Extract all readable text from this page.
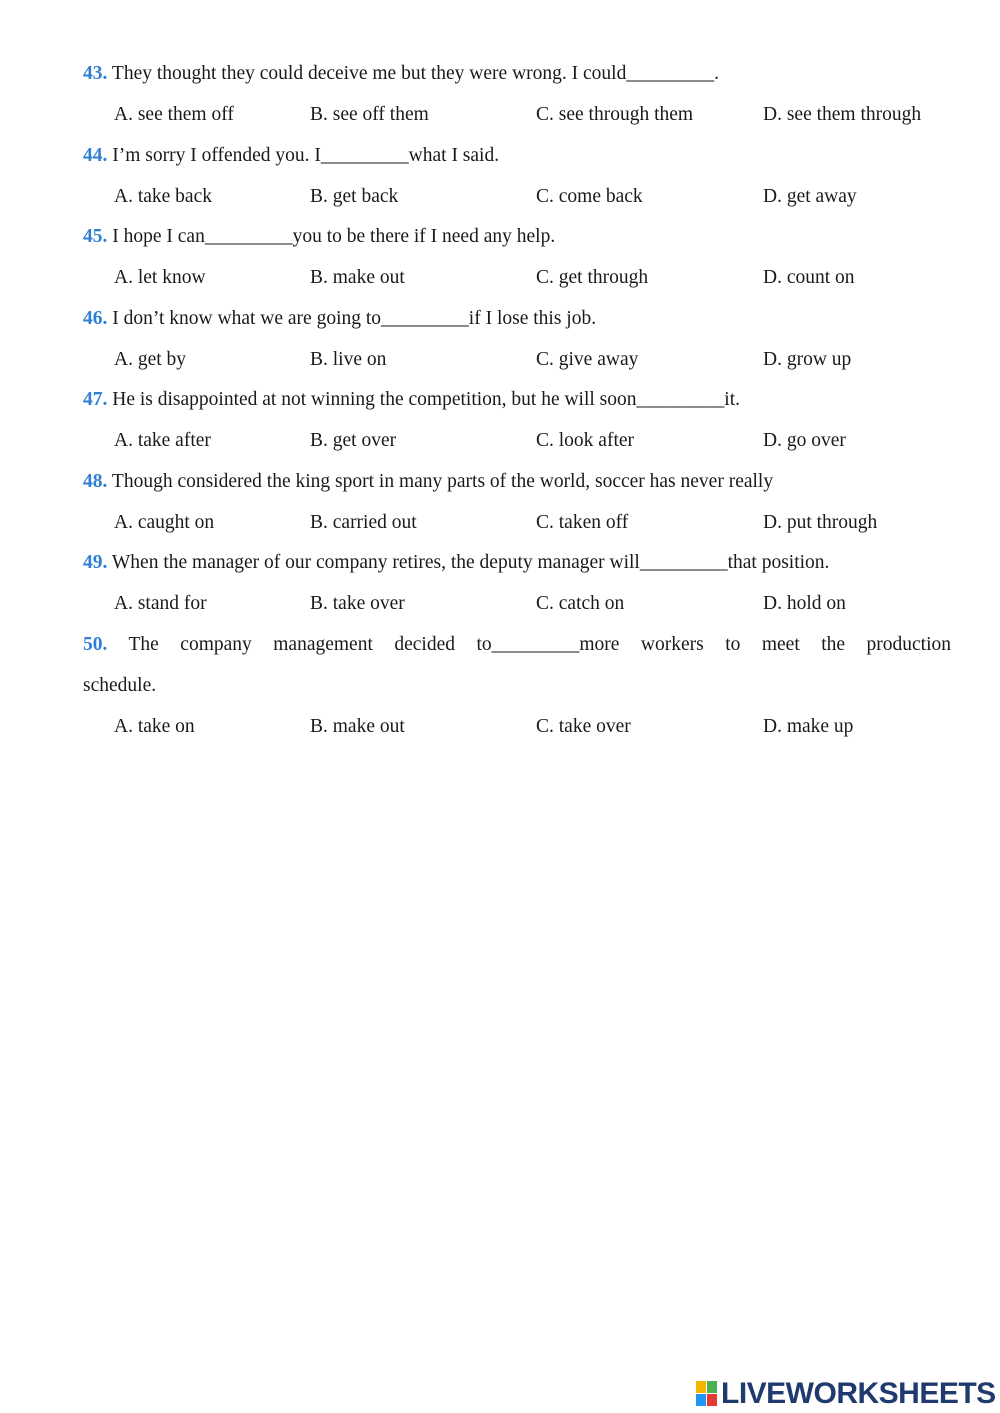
43. They thought they could deceive me but they were wrong. I could_________.
A. see them off	B. see off them	C. see through them	D. see them through
44. I’m sorry I offended you. I_________what I said.
A. take back	B. get back	C. come back	D. get away
45. I hope I can_________you to be there if I need any help.
A. let know	B. make out	C. get through	D. count on
46. I don’t know what we are going to_________if I lose this job.
A. get by	B. live on	C. give away	D. grow up
47. He is disappointed at not winning the competition, but he will soon_________it.
A. take after	B. get over	C. look after	D. go over
48. Though considered the king sport in many parts of the world, soccer has never really
A. caught on	B. carried out	C. taken off	D. put through
49. When the manager of our company retires, the deputy manager will_________that position.
A. stand for	B. take over	C. catch on	D. hold on
50. The company management decided to_________more workers to meet the production
schedule.
A. take on	B. make out	C. take over	D. make up
LIVEWORKSHEETS
